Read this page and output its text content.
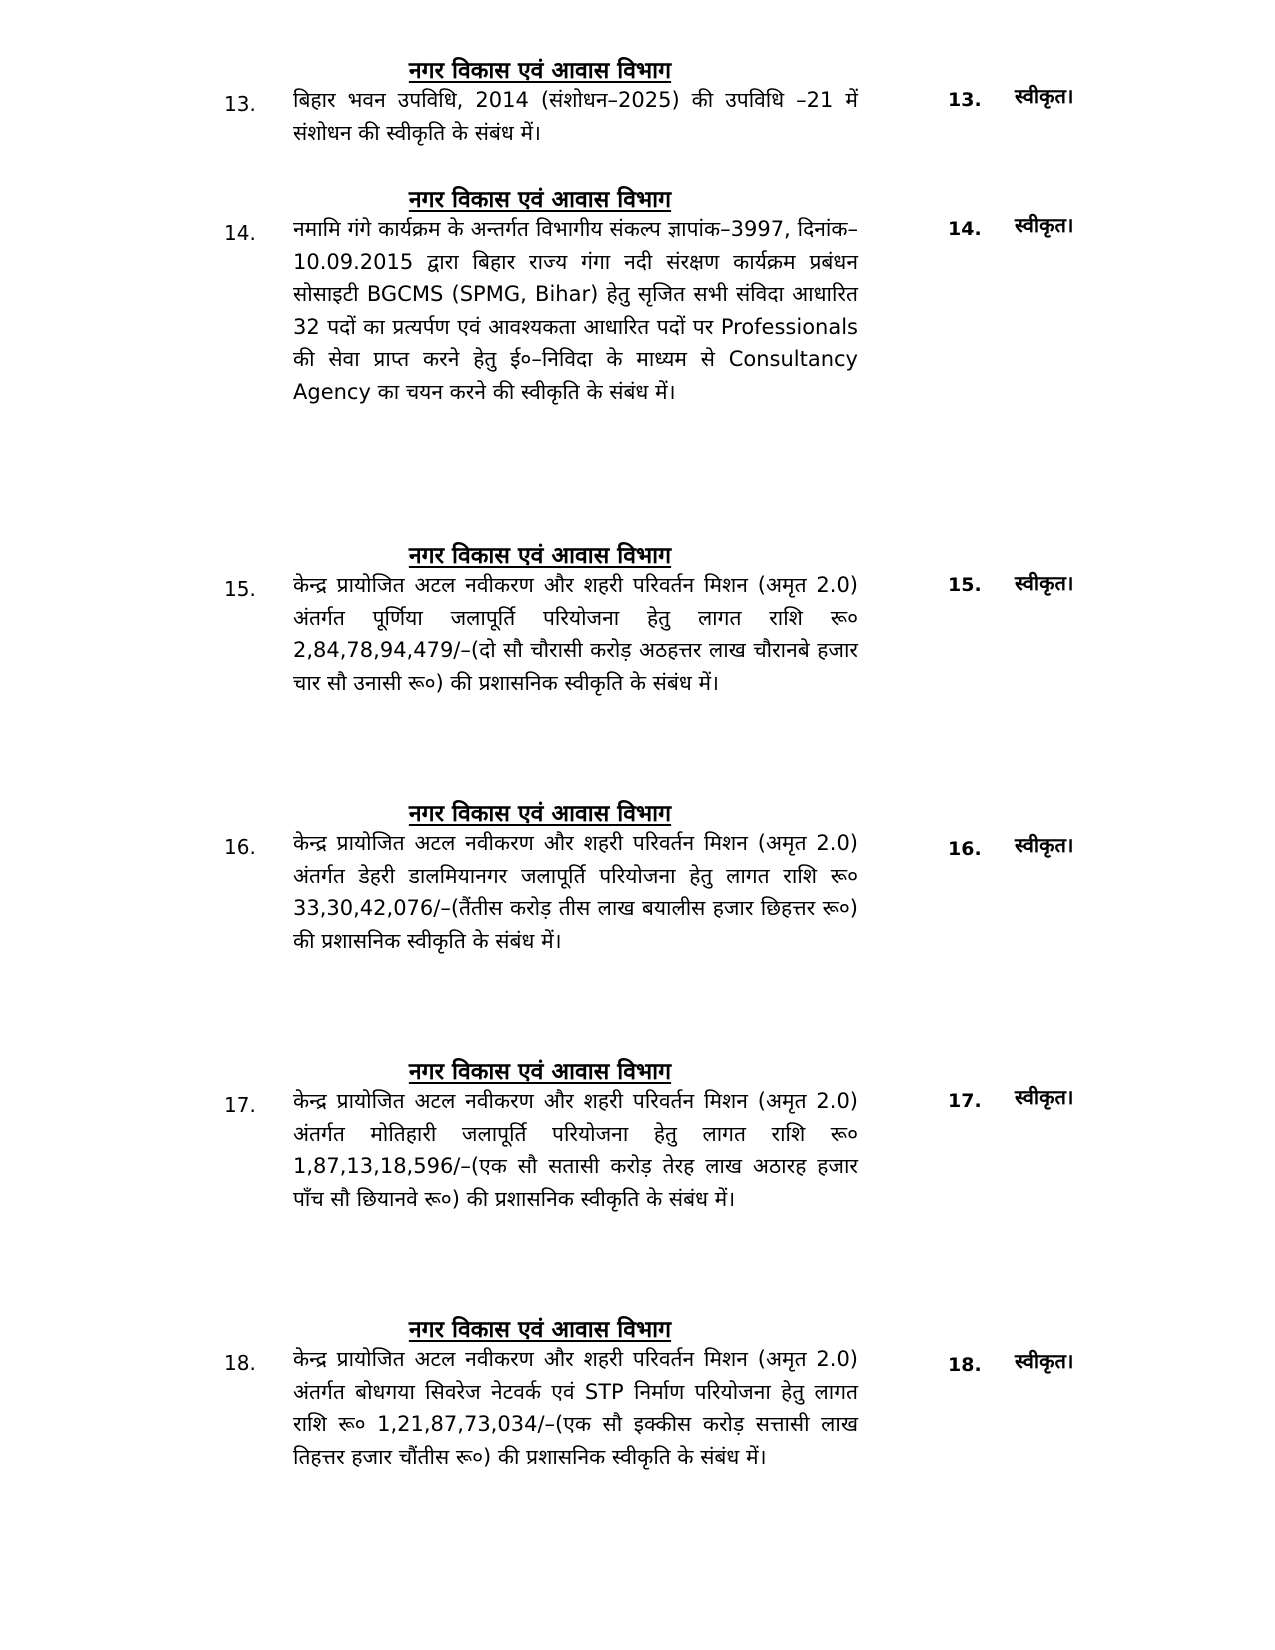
नगर विकास एवं आवास विभाग
13. बिहार भवन उपविधि, 2014 (संशोधन–2025) की उपविधि –21 में संशोधन की स्वीकृति के संबंध में।

13. स्वीकृत।
नगर विकास एवं आवास विभाग
14. नमामि गंगे कार्यक्रम के अन्तर्गत विभागीय संकल्प ज्ञापांक–3997, दिनांक–10.09.2015 द्वारा बिहार राज्य गंगा नदी संरक्षण कार्यक्रम प्रबंधन सोसाइटी BGCMS (SPMG, Bihar) हेतु सृजित सभी संविदा आधारित 32 पदों का प्रत्यर्पण एवं आवश्यकता आधारित पदों पर Professionals की सेवा प्राप्त करने हेतु ई०–निविदा के माध्यम से Consultancy Agency का चयन करने की स्वीकृति के संबंध में।

14. स्वीकृत।
नगर विकास एवं आवास विभाग
15. केन्द्र प्रायोजित अटल नवीकरण और शहरी परिवर्तन मिशन (अमृत 2.0) अंतर्गत पूर्णिया जलापूर्ति परियोजना हेतु लागत राशि रू० 2,84,78,94,479/–(दो सौ चौरासी करोड़ अठहत्तर लाख चौरानबे हजार चार सौ उनासी रू०) की प्रशासनिक स्वीकृति के संबंध में।

15. स्वीकृत।
नगर विकास एवं आवास विभाग
16. केन्द्र प्रायोजित अटल नवीकरण और शहरी परिवर्तन मिशन (अमृत 2.0) अंतर्गत डेहरी डालमियानगर जलापूर्ति परियोजना हेतु लागत राशि रू० 33,30,42,076/–(तैंतीस करोड़ तीस लाख बयालीस हजार छिहत्तर रू०) की प्रशासनिक स्वीकृति के संबंध में।

16. स्वीकृत।
नगर विकास एवं आवास विभाग
17. केन्द्र प्रायोजित अटल नवीकरण और शहरी परिवर्तन मिशन (अमृत 2.0) अंतर्गत मोतिहारी जलापूर्ति परियोजना हेतु लागत राशि रू० 1,87,13,18,596/–(एक सौ सतासी करोड़ तेरह लाख अठारह हजार पाँच सौ छियानवे रू०) की प्रशासनिक स्वीकृति के संबंध में।

17. स्वीकृत।
नगर विकास एवं आवास विभाग
18. केन्द्र प्रायोजित अटल नवीकरण और शहरी परिवर्तन मिशन (अमृत 2.0) अंतर्गत बोधगया सिवरेज नेटवर्क एवं STP निर्माण परियोजना हेतु लागत राशि रू० 1,21,87,73,034/–(एक सौ इक्कीस करोड़ सत्तासी लाख तिहत्तर हजार चौंतीस रू०) की प्रशासनिक स्वीकृति के संबंध में।

18. स्वीकृत।
